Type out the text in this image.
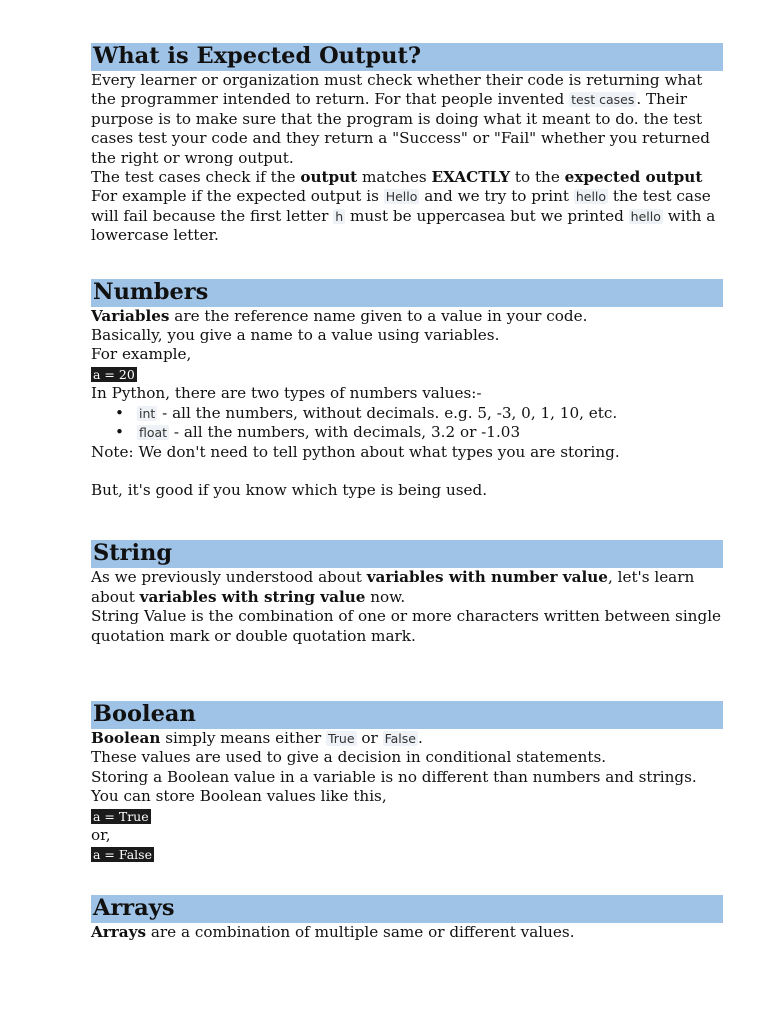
What is Expected Output?

Every learner or organization must check whether their code is returning what the programmer intended to return. For that people invented test cases . Their purpose is to make sure that the program is doing what it meant to do. the test cases test your code and they return a "Success" or "Fail" whether you returned the right or wrong output.

The test cases check if the output matches EXACTLY to the expected output

For example if the expected output is Hello and we try to print hello the test case will fail because the first letter h must be uppercasea but we printed hello with a lowercase letter.

Numbers

Variables are the reference name given to a value in your code.

Basically, you give a name to a value using variables.

For example,

a = 20

In Python, there are two types of numbers values:-

• int - all the numbers, without decimals. e.g. 5, -3, 0, 1, 10, etc.
• float - all the numbers, with decimals, 3.2 or -1.03

Note: We don't need to tell python about what types you are storing.

But, it's good if you know which type is being used.

String

As we previously understood about variables with number value, let's learn about variables with string value now.

String Value is the combination of one or more characters written between single quotation mark or double quotation mark.

Boolean

Boolean simply means either True or False .

These values are used to give a decision in conditional statements.

Storing a Boolean value in a variable is no different than numbers and strings.

You can store Boolean values like this,

a = True

or,

a = False
Arrays

Arrays are a combination of multiple same or different values.
